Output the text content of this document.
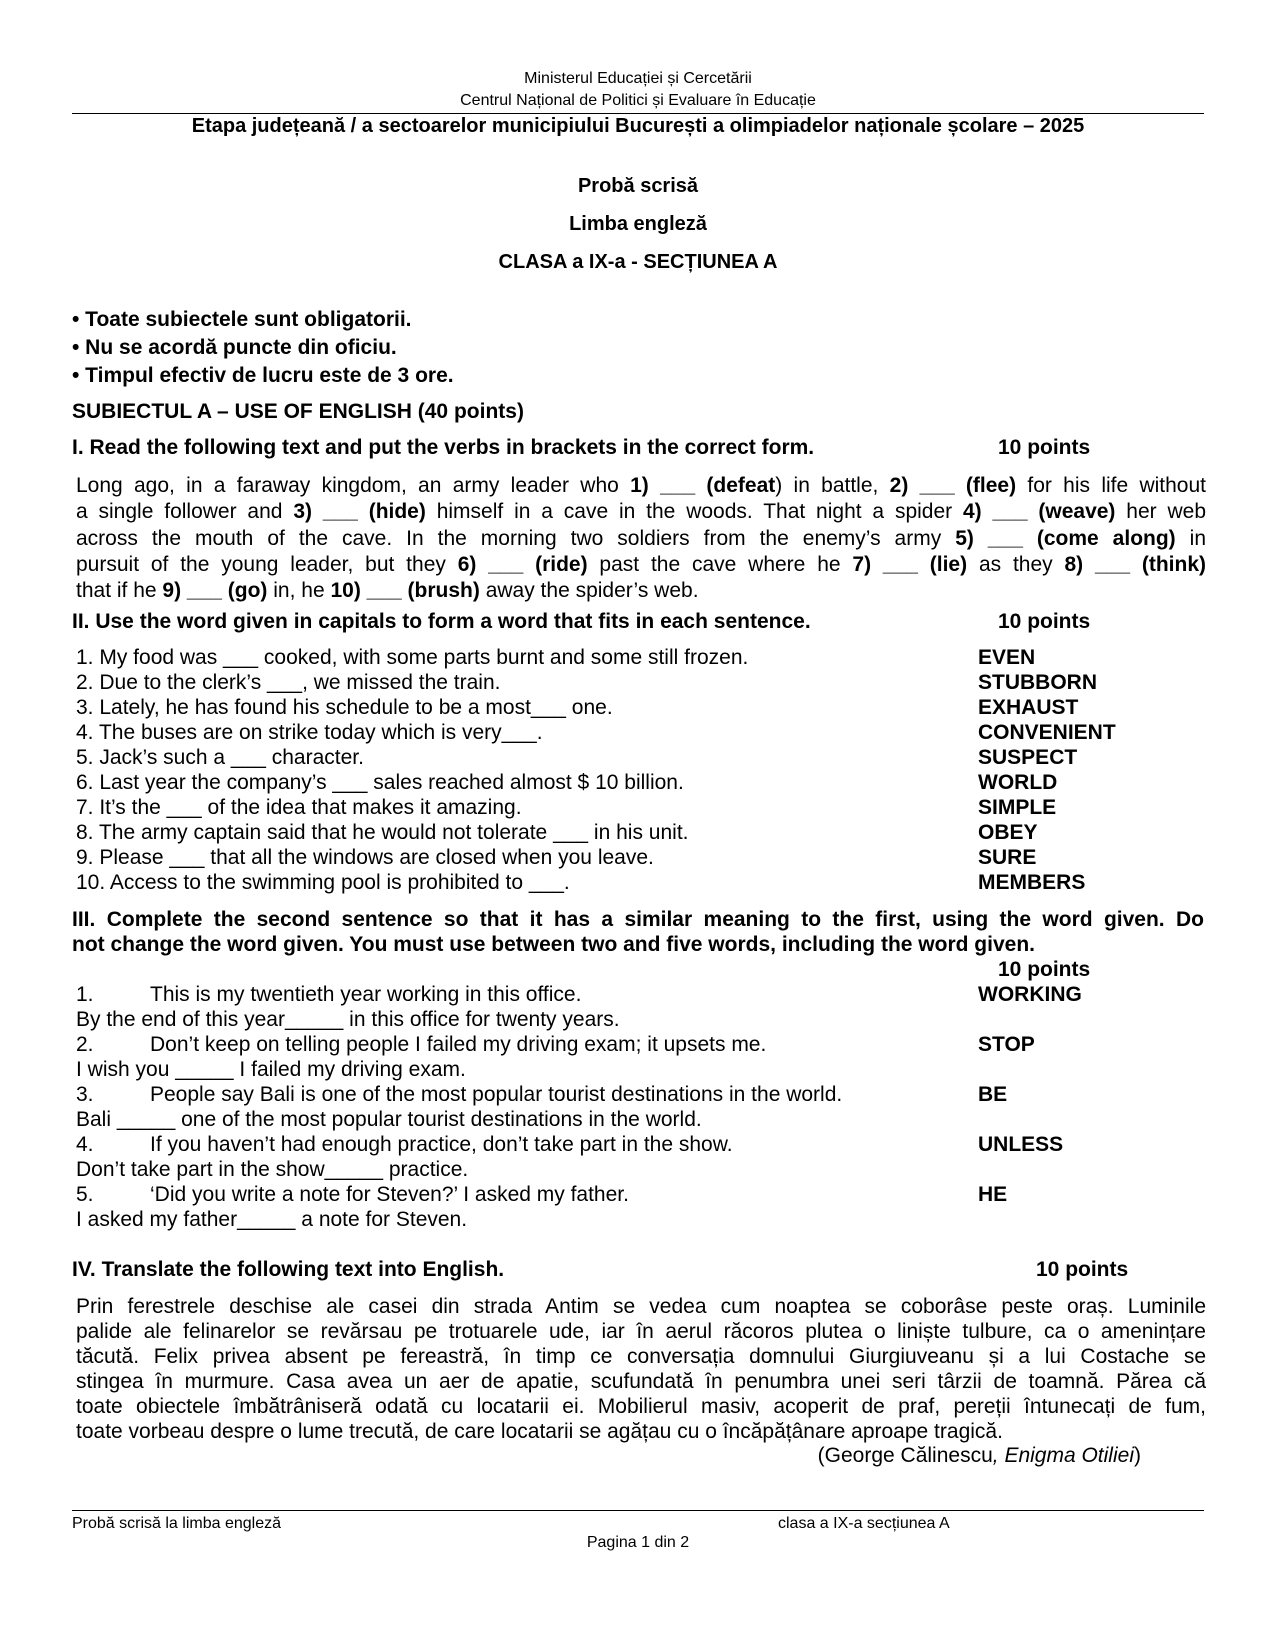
Ministerul Educației și Cercetării
Centrul Național de Politici și Evaluare în Educație
Etapa județeană / a sectoarelor municipiului București a olimpiadelor naționale școlare – 2025
Probă scrisă
Limba engleză
CLASA a IX-a - SECȚIUNEA A
• Toate subiectele sunt obligatorii.
• Nu se acordă puncte din oficiu.
• Timpul efectiv de lucru este de 3 ore.
SUBIECTUL A – USE OF ENGLISH (40 points)
I. Read the following text and put the verbs in brackets in the correct form.	10 points
Long ago, in a faraway kingdom, an army leader who 1) ___ (defeat) in battle, 2) ___ (flee) for his life without
a single follower and 3) ___ (hide) himself in a cave in the woods. That night a spider 4) ___ (weave) her web
across the mouth of the cave. In the morning two soldiers from the enemy’s army 5) ___ (come along) in
pursuit of the young leader, but they 6) ___ (ride) past the cave where he 7) ___ (lie) as they 8) ___ (think)
that if he 9) ___ (go) in, he 10) ___ (brush) away the spider’s web.
II. Use the word given in capitals to form a word that fits in each sentence.	10 points
1. My food was ___ cooked, with some parts burnt and some still frozen.	EVEN
2. Due to the clerk’s ___, we missed the train.	STUBBORN
3. Lately, he has found his schedule to be a most___ one.	EXHAUST
4. The buses are on strike today which is very___.	CONVENIENT
5. Jack’s such a ___ character.	SUSPECT
6. Last year the company’s ___ sales reached almost $ 10 billion.	WORLD
7. It’s the ___ of the idea that makes it amazing.	SIMPLE
8. The army captain said that he would not tolerate ___ in his unit.	OBEY
9. Please ___ that all the windows are closed when you leave.	SURE
10. Access to the swimming pool is prohibited to ___.	MEMBERS
III. Complete the second sentence so that it has a similar meaning to the first, using the word given. Do
not change the word given. You must use between two and five words, including the word given.
10 points
1.	This is my twentieth year working in this office.	WORKING
By the end of this year_____ in this office for twenty years.
2.	Don’t keep on telling people I failed my driving exam; it upsets me.	STOP
I wish you _____ I failed my driving exam.
3.	People say Bali is one of the most popular tourist destinations in the world.	BE
Bali _____ one of the most popular tourist destinations in the world.
4.	If you haven’t had enough practice, don’t take part in the show.	UNLESS
Don’t take part in the show_____ practice.
5.	‘Did you write a note for Steven?’ I asked my father.	HE
I asked my father_____ a note for Steven.
IV. Translate the following text into English.	10 points
Prin ferestrele deschise ale casei din strada Antim se vedea cum noaptea se coborâse peste oraș. Luminile
palide ale felinarelor se revărsau pe trotuarele ude, iar în aerul răcoros plutea o liniște tulbure, ca o amenințare
tăcută. Felix privea absent pe fereastră, în timp ce conversația domnului Giurgiuveanu și a lui Costache se
stingea în murmure. Casa avea un aer de apatie, scufundată în penumbra unei seri târzii de toamnă. Părea că
toate obiectele îmbătrâniseră odată cu locatarii ei. Mobilierul masiv, acoperit de praf, pereții întunecați de fum,
toate vorbeau despre o lume trecută, de care locatarii se agățau cu o încăpățânare aproape tragică.
(George Călinescu, Enigma Otiliei)
Probă scrisă la limba engleză	clasa a IX-a secțiunea A
Pagina 1 din 2
